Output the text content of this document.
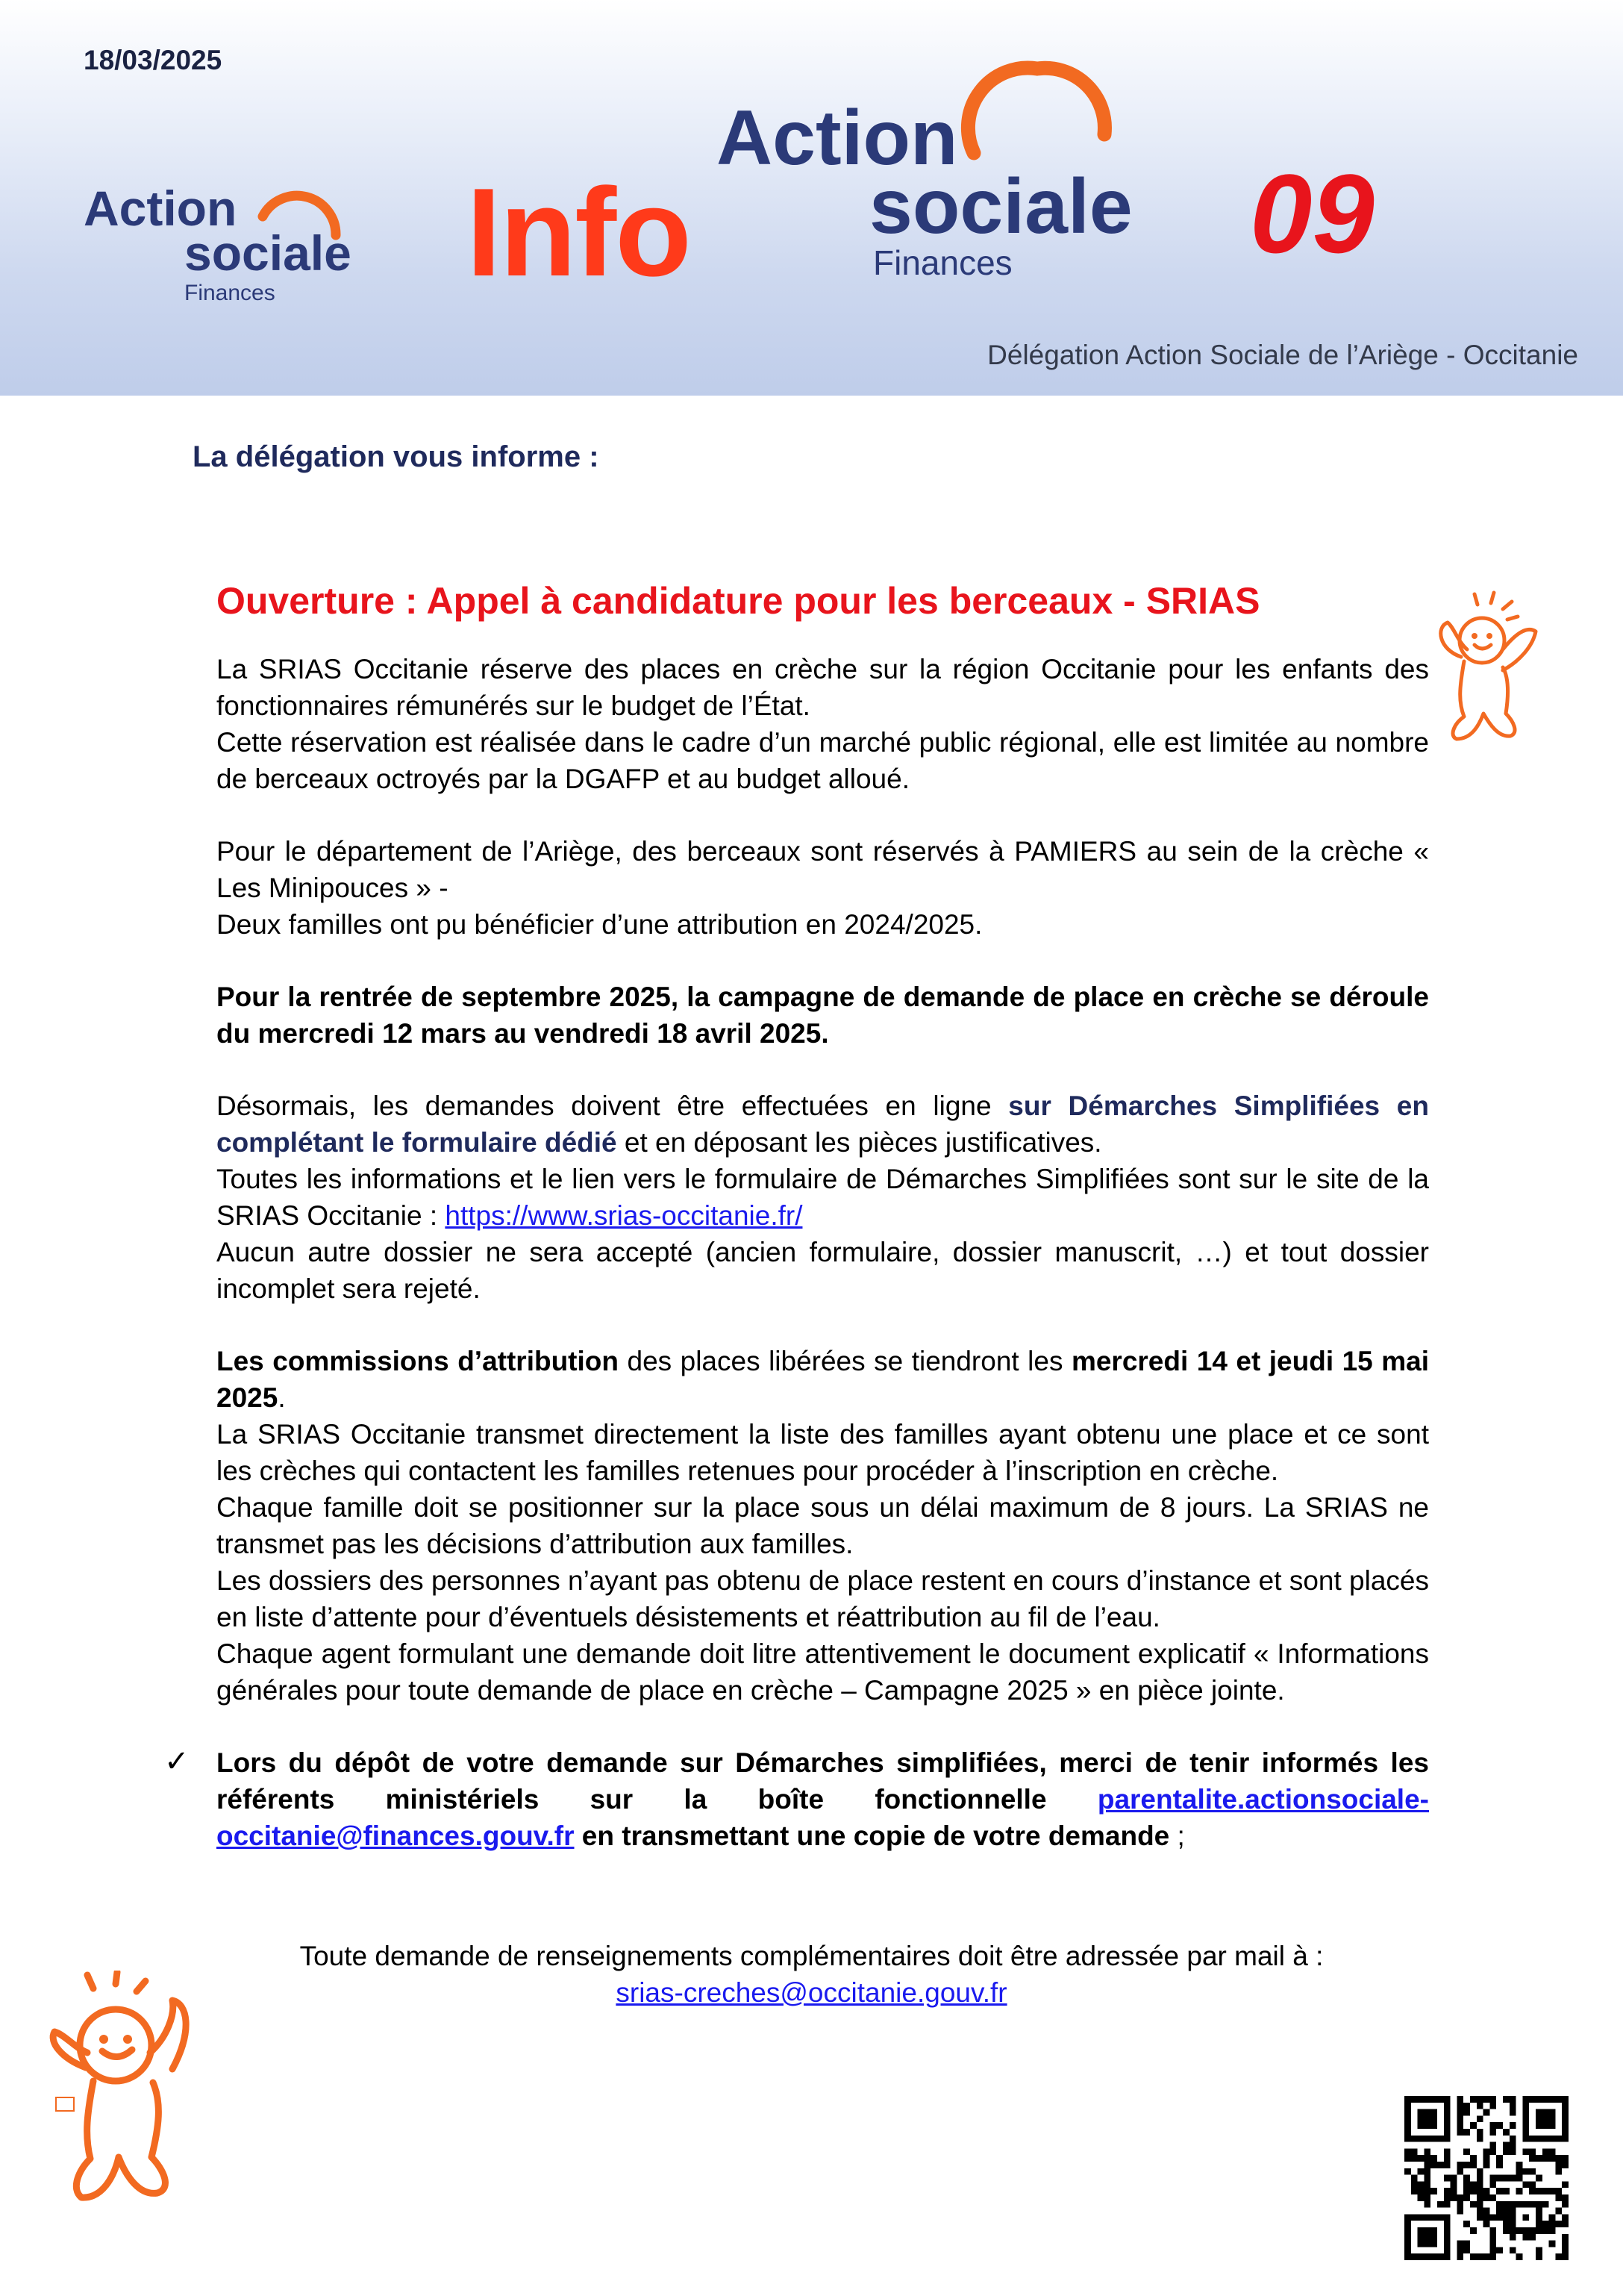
18/03/2025
Action
sociale
Finances Info
Action
sociale
Finances 09
Délégation Action Sociale de l’Ariège - Occitanie
La délégation vous informe :
Ouverture : Appel à candidature pour les berceaux - SRIAS

La SRIAS Occitanie réserve des places en crèche sur la région Occitanie pour les enfants des fonctionnaires rémunérés sur le budget de l’État.
Cette réservation est réalisée dans le cadre d’un marché public régional, elle est limitée au nombre de berceaux octroyés par la DGAFP et au budget alloué.

Pour le département de l’Ariège, des berceaux sont réservés à PAMIERS au sein de la crèche « Les Minipouces » -
Deux familles ont pu bénéficier d’une attribution en 2024/2025.

Pour la rentrée de septembre 2025, la campagne de demande de place en crèche se déroule du mercredi 12 mars au vendredi 18 avril 2025.

Désormais, les demandes doivent être effectuées en ligne sur Démarches Simplifiées en complétant le formulaire dédié et en déposant les pièces justificatives.
Toutes les informations et le lien vers le formulaire de Démarches Simplifiées sont sur le site de la SRIAS Occitanie : https://www.srias-occitanie.fr/
Aucun autre dossier ne sera accepté (ancien formulaire, dossier manuscrit, …) et tout dossier incomplet sera rejeté.

Les commissions d’attribution des places libérées se tiendront les mercredi 14 et jeudi 15 mai 2025.
La SRIAS Occitanie transmet directement la liste des familles ayant obtenu une place et ce sont les crèches qui contactent les familles retenues pour procéder à l’inscription en crèche.
Chaque famille doit se positionner sur la place sous un délai maximum de 8 jours. La SRIAS ne transmet pas les décisions d’attribution aux familles.
Les dossiers des personnes n’ayant pas obtenu de place restent en cours d’instance et sont placés en liste d’attente pour d’éventuels désistements et réattribution au fil de l’eau.
Chaque agent formulant une demande doit litre attentivement le document explicatif « Informations générales pour toute demande de place en crèche – Campagne 2025 » en pièce jointe.

✓ Lors du dépôt de votre demande sur Démarches simplifiées, merci de tenir informés les référents ministériels sur la boîte fonctionnelle parentalite.actionsociale-occitanie@finances.gouv.fr en transmettant une copie de votre demande ;
Toute demande de renseignements complémentaires doit être adressée par mail à :
srias-creches@occitanie.gouv.fr
